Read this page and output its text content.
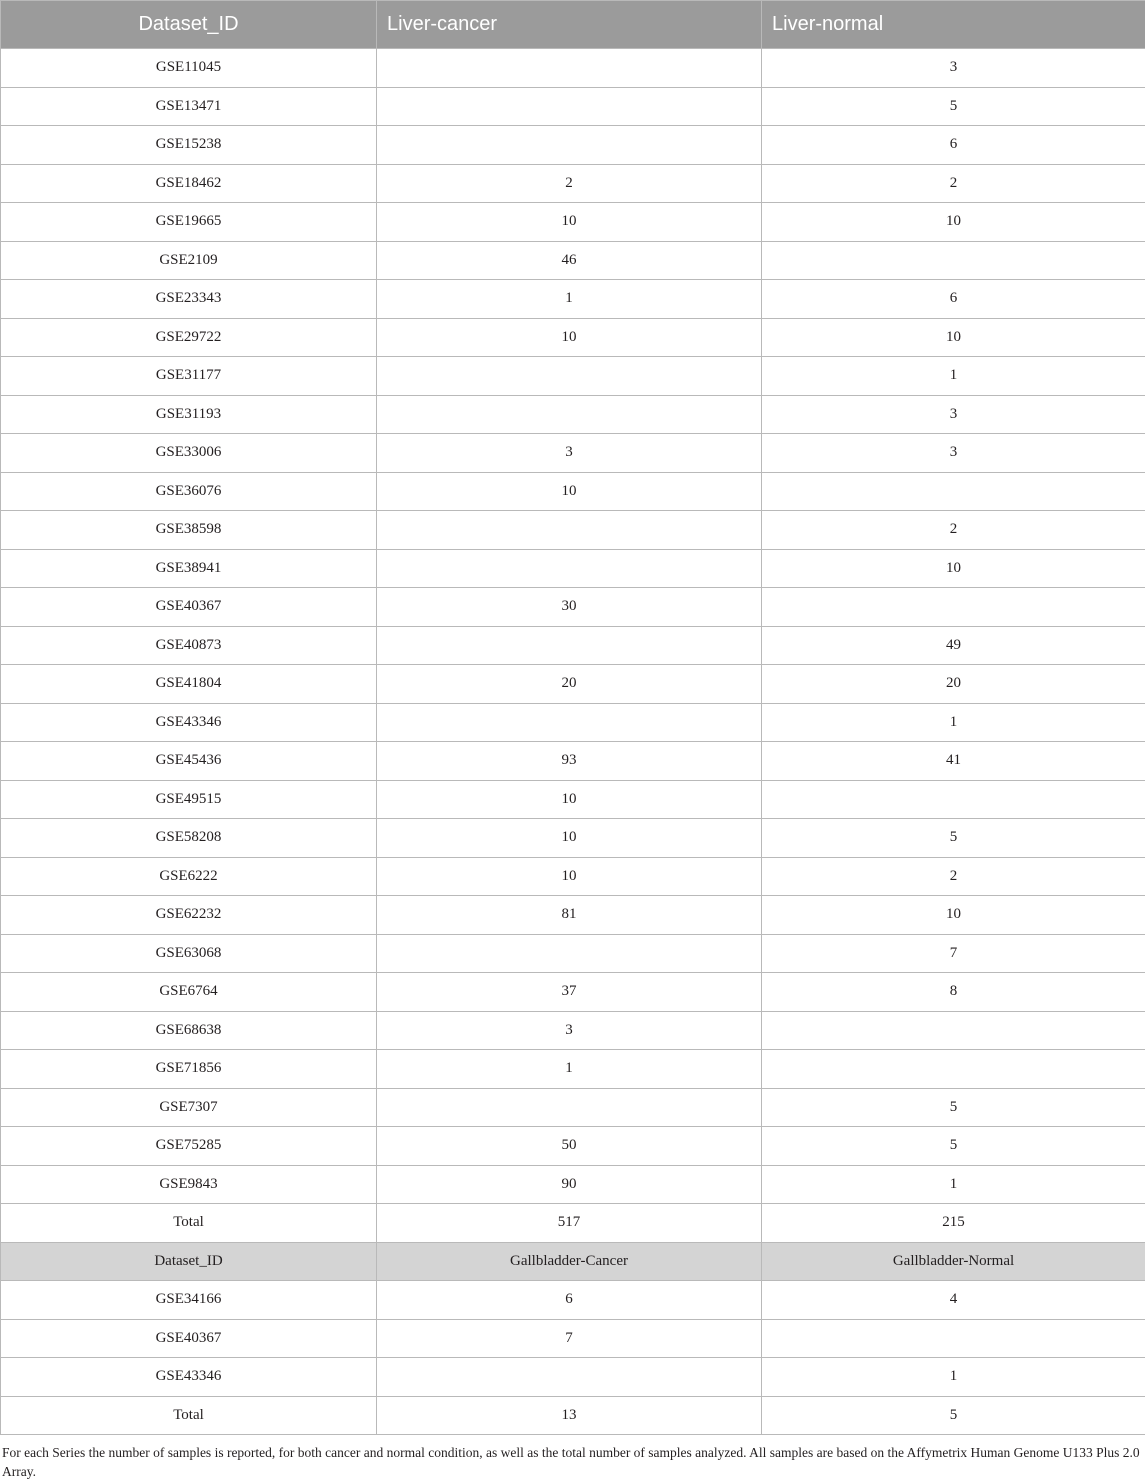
Dataset_ID	Liver-cancer	Liver-normal
GSE11045		3
GSE13471		5
GSE15238		6
GSE18462	2	2
GSE19665	10	10
GSE2109	46	
GSE23343	1	6
GSE29722	10	10
GSE31177		1
GSE31193		3
GSE33006	3	3
GSE36076	10	
GSE38598		2
GSE38941		10
GSE40367	30	
GSE40873		49
GSE41804	20	20
GSE43346		1
GSE45436	93	41
GSE49515	10	
GSE58208	10	5
GSE6222	10	2
GSE62232	81	10
GSE63068		7
GSE6764	37	8
GSE68638	3	
GSE71856	1	
GSE7307		5
GSE75285	50	5
GSE9843	90	1
Total	517	215
Dataset_ID	Gallbladder-Cancer	Gallbladder-Normal
GSE34166	6	4
GSE40367	7	
GSE43346		1
Total	13	5

For each Series the number of samples is reported, for both cancer and normal condition, as well as the total number of samples analyzed. All samples are based on the Affymetrix Human Genome U133 Plus 2.0 Array.
